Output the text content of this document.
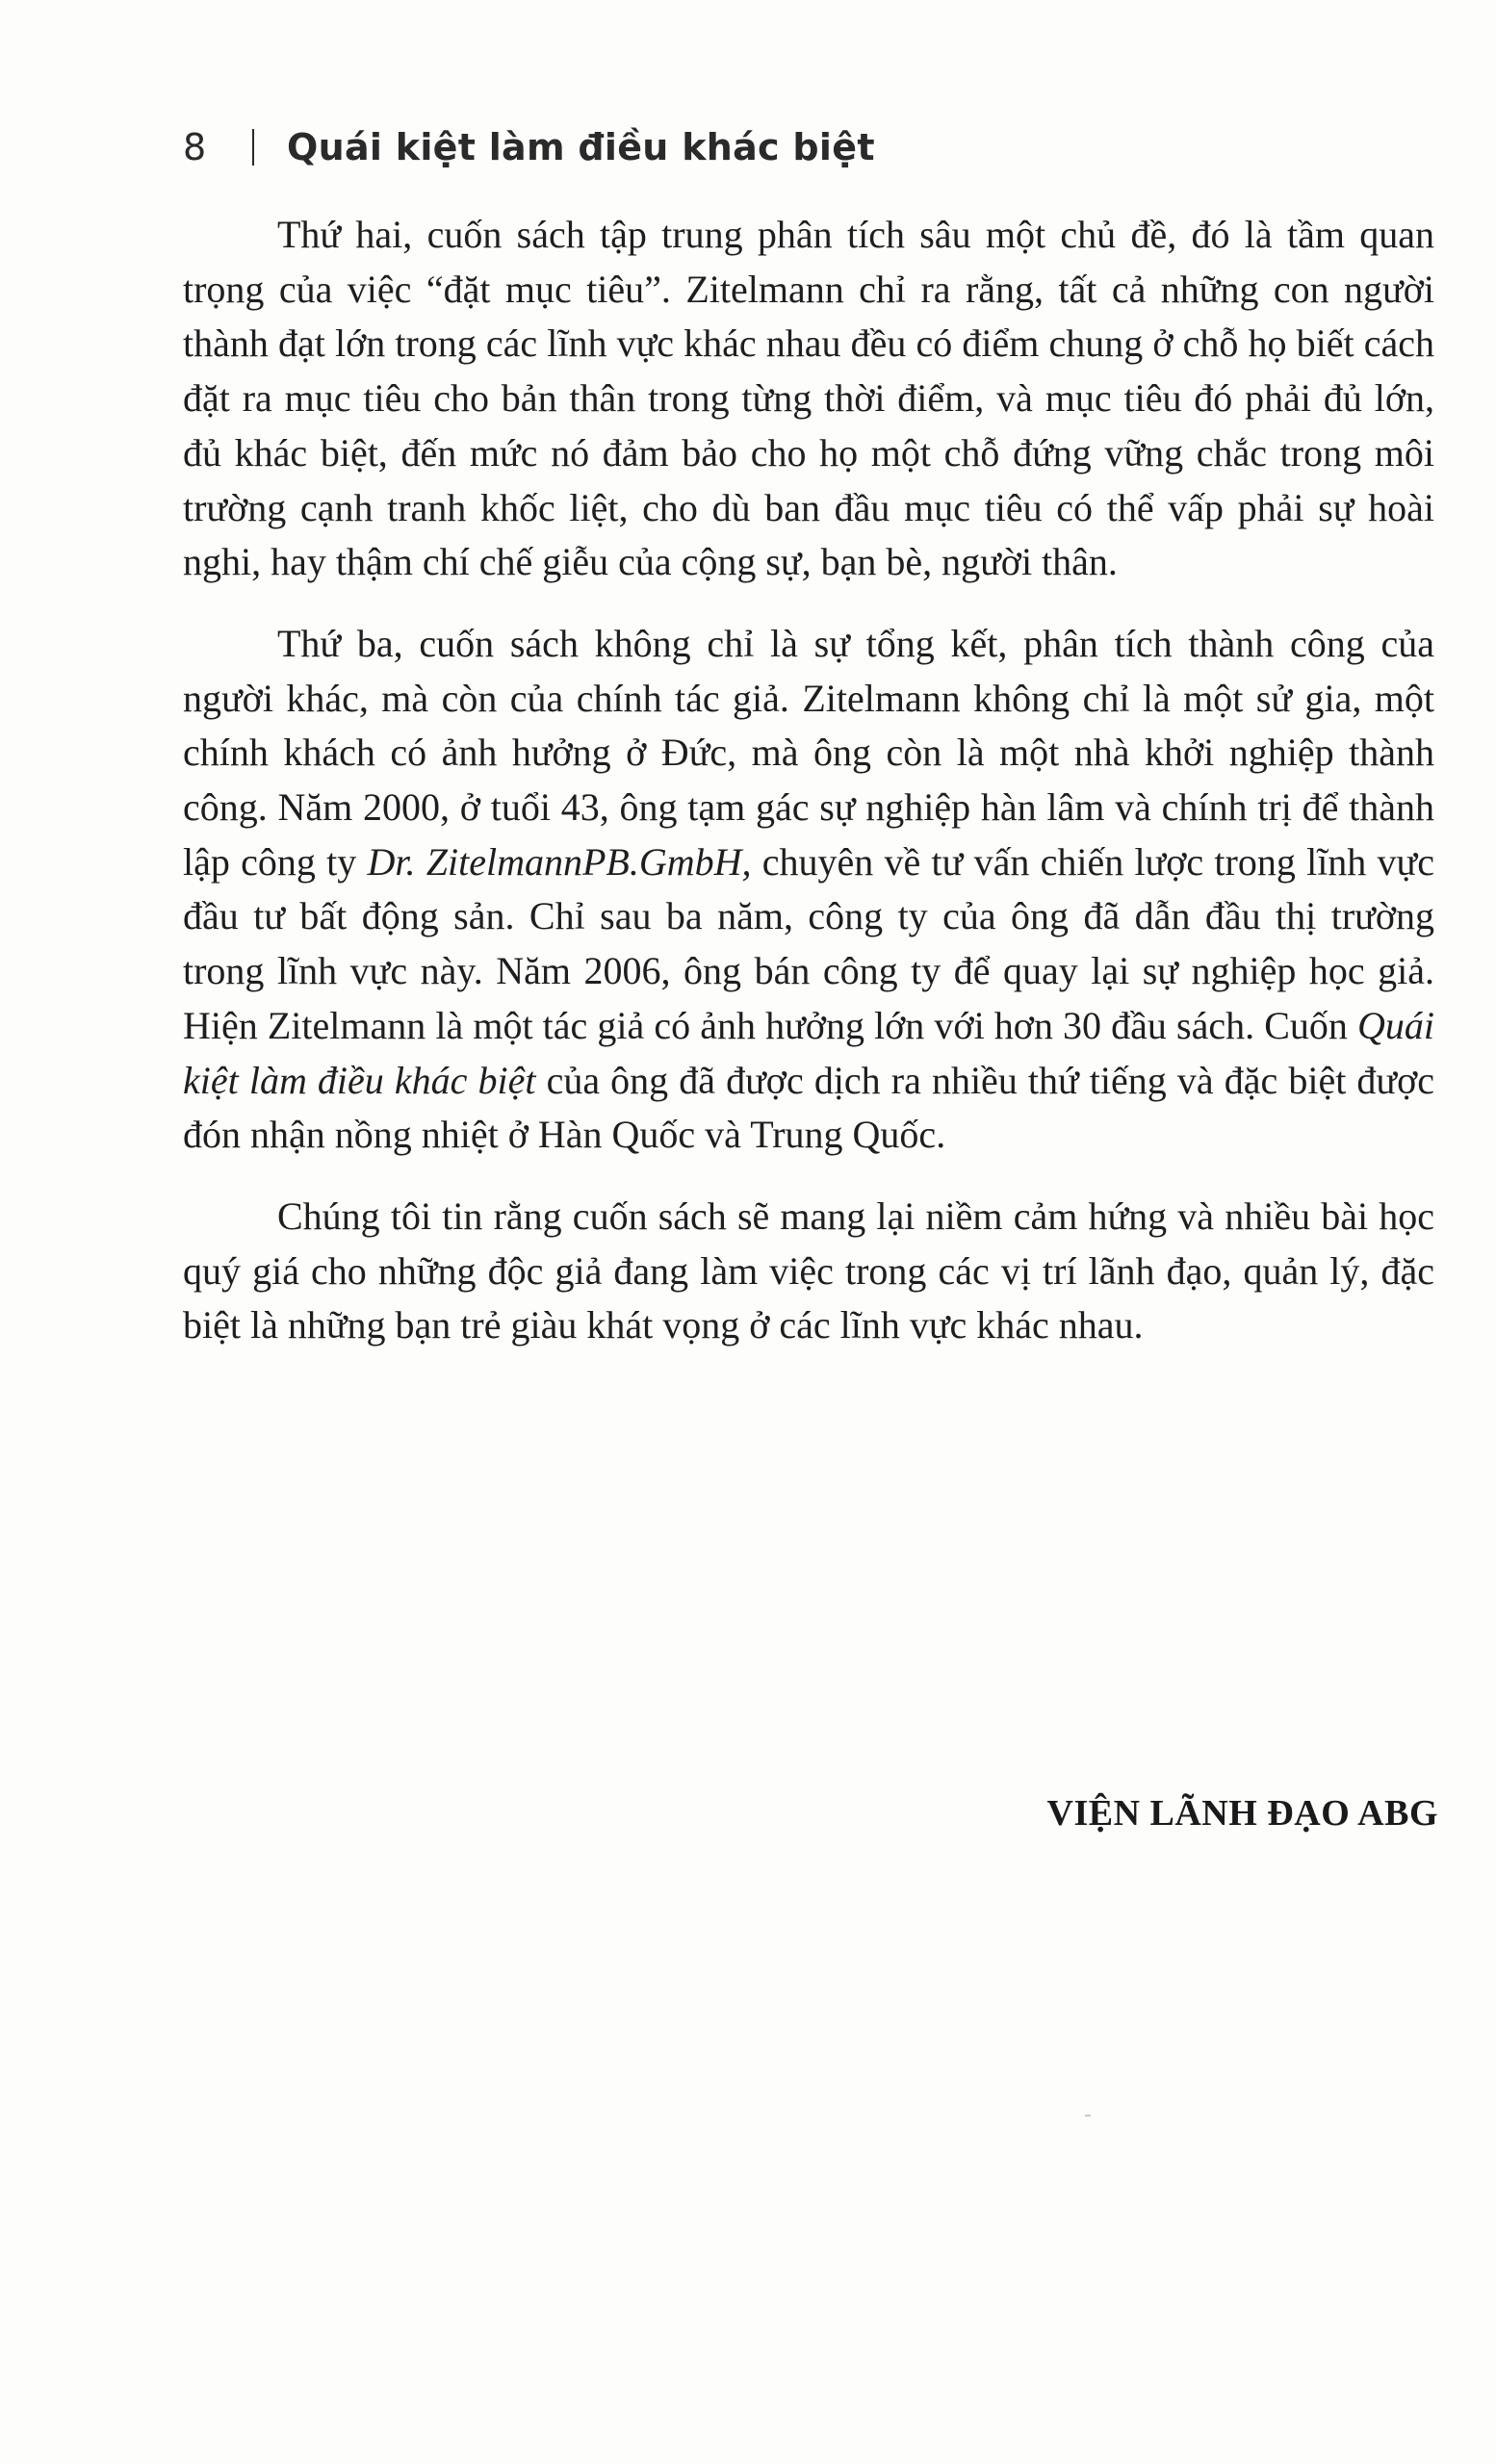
8	Quái kiệt làm điều khác biệt

Thứ hai, cuốn sách tập trung phân tích sâu một chủ đề, đó là tầm quan trọng của việc “đặt mục tiêu”. Zitelmann chỉ ra rằng, tất cả những con người thành đạt lớn trong các lĩnh vực khác nhau đều có điểm chung ở chỗ họ biết cách đặt ra mục tiêu cho bản thân trong từng thời điểm, và mục tiêu đó phải đủ lớn, đủ khác biệt, đến mức nó đảm bảo cho họ một chỗ đứng vững chắc trong môi trường cạnh tranh khốc liệt, cho dù ban đầu mục tiêu có thể vấp phải sự hoài nghi, hay thậm chí chế giễu của cộng sự, bạn bè, người thân.

Thứ ba, cuốn sách không chỉ là sự tổng kết, phân tích thành công của người khác, mà còn của chính tác giả. Zitelmann không chỉ là một sử gia, một chính khách có ảnh hưởng ở Đức, mà ông còn là một nhà khởi nghiệp thành công. Năm 2000, ở tuổi 43, ông tạm gác sự nghiệp hàn lâm và chính trị để thành lập công ty Dr. ZitelmannPB.GmbH, chuyên về tư vấn chiến lược trong lĩnh vực đầu tư bất động sản. Chỉ sau ba năm, công ty của ông đã dẫn đầu thị trường trong lĩnh vực này. Năm 2006, ông bán công ty để quay lại sự nghiệp học giả. Hiện Zitelmann là một tác giả có ảnh hưởng lớn với hơn 30 đầu sách. Cuốn Quái kiệt làm điều khác biệt của ông đã được dịch ra nhiều thứ tiếng và đặc biệt được đón nhận nồng nhiệt ở Hàn Quốc và Trung Quốc.

Chúng tôi tin rằng cuốn sách sẽ mang lại niềm cảm hứng và nhiều bài học quý giá cho những độc giả đang làm việc trong các vị trí lãnh đạo, quản lý, đặc biệt là những bạn trẻ giàu khát vọng ở các lĩnh vực khác nhau.

VIỆN LÃNH ĐẠO ABG
